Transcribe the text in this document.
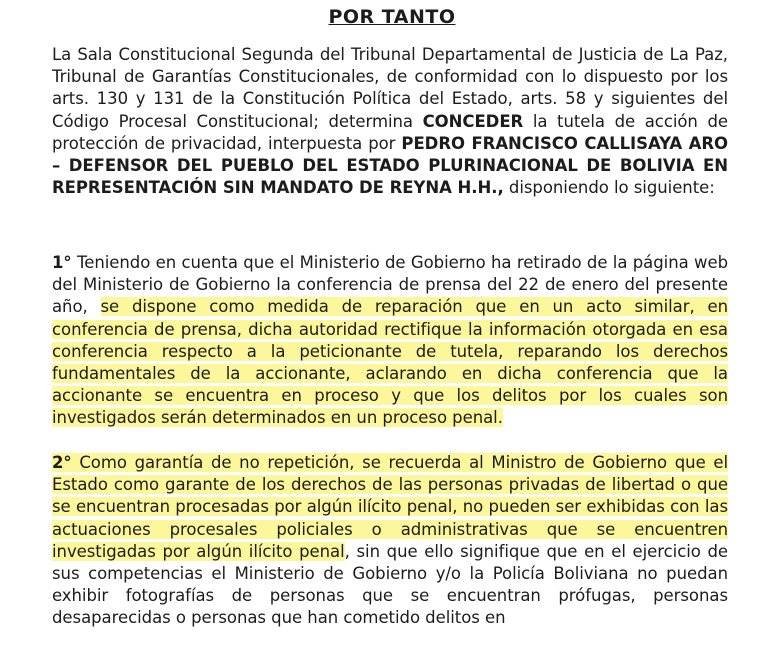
POR TANTO
La Sala Constitucional Segunda del Tribunal Departamental de Justicia de La Paz, Tribunal de Garantías Constitucionales, de conformidad con lo dispuesto por los arts. 130 y 131 de la Constitución Política del Estado, arts. 58 y siguientes del Código Procesal Constitucional; determina CONCEDER la tutela de acción de protección de privacidad, interpuesta por PEDRO FRANCISCO CALLISAYA ARO – DEFENSOR DEL PUEBLO DEL ESTADO PLURINACIONAL DE BOLIVIA EN REPRESENTACIÓN SIN MANDATO DE REYNA H.H., disponiendo lo siguiente:
1° Teniendo en cuenta que el Ministerio de Gobierno ha retirado de la página web del Ministerio de Gobierno la conferencia de prensa del 22 de enero del presente año, se dispone como medida de reparación que en un acto similar, en conferencia de prensa, dicha autoridad rectifique la información otorgada en esa conferencia respecto a la peticionante de tutela, reparando los derechos fundamentales de la accionante, aclarando en dicha conferencia que la accionante se encuentra en proceso y que los delitos por los cuales son investigados serán determinados en un proceso penal.
2° Como garantía de no repetición, se recuerda al Ministro de Gobierno que el Estado como garante de los derechos de las personas privadas de libertad o que se encuentran procesadas por algún ilícito penal, no pueden ser exhibidas con las actuaciones procesales policiales o administrativas que se encuentren investigadas por algún ilícito penal, sin que ello signifique que en el ejercicio de sus competencias el Ministerio de Gobierno y/o la Policía Boliviana no puedan exhibir fotografías de personas que se encuentran prófugas, personas desaparecidas o personas que han cometido delitos en
